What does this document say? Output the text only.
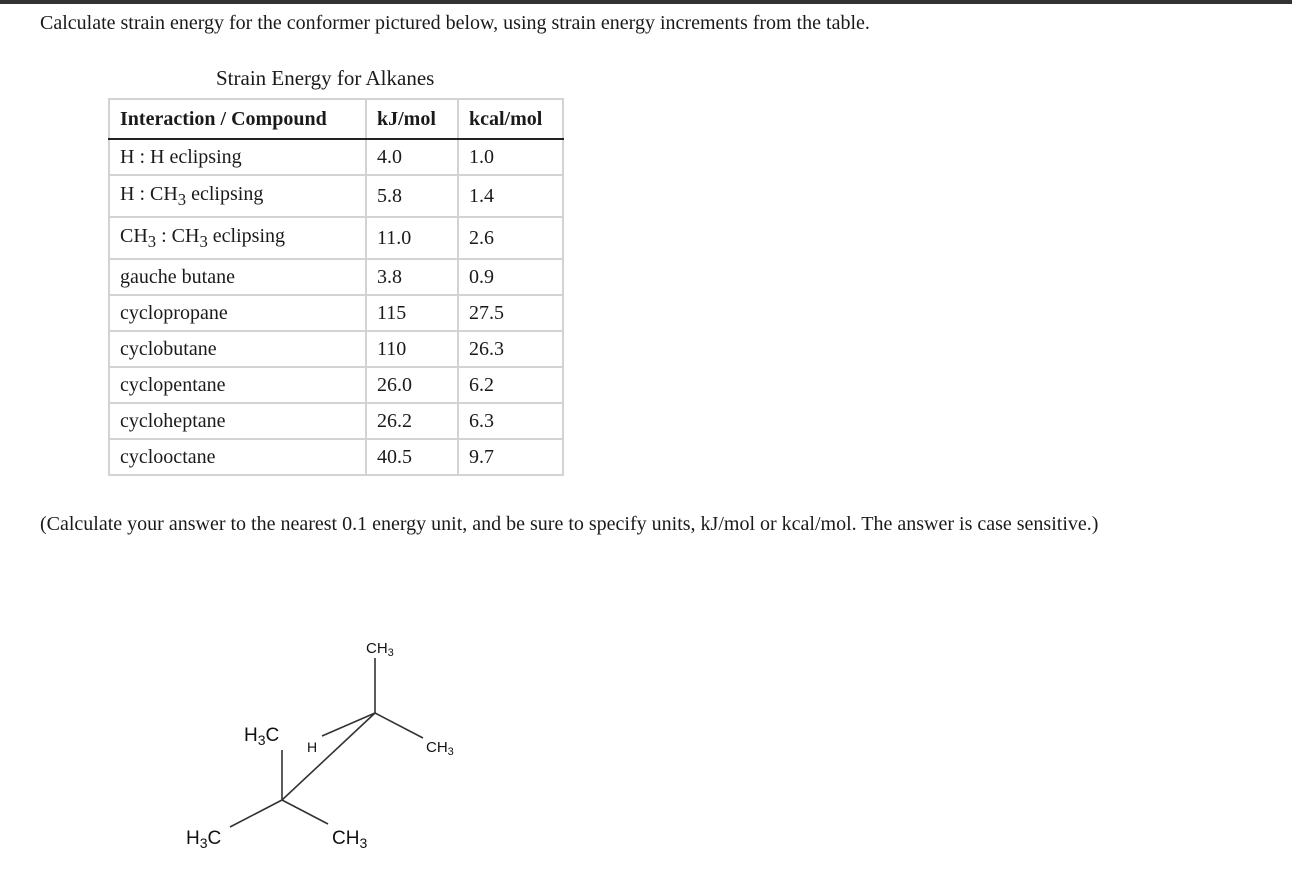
Calculate strain energy for the conformer pictured below, using strain energy increments from the table.
Strain Energy for Alkanes
Interaction / Compound	kJ/mol	kcal/mol
H : H eclipsing	4.0	1.0
H : $CH_3$ eclipsing	5.8	1.4
$CH_3$ : $CH_3$ eclipsing	11.0	2.6
gauche butane	3.8	0.9
cyclopropane	115	27.5
cyclobutane	110	26.3
cyclopentane	26.0	6.2
cycloheptane	26.2	6.3
cyclooctane	40.5	9.7
(Calculate your answer to the nearest 0.1 energy unit, and be sure to specify units, kJ/mol or kcal/mol. The answer is case sensitive.)
$CH_3$
$CH_3$
$H_3C$
H
$H_3C$	$CH_3$
